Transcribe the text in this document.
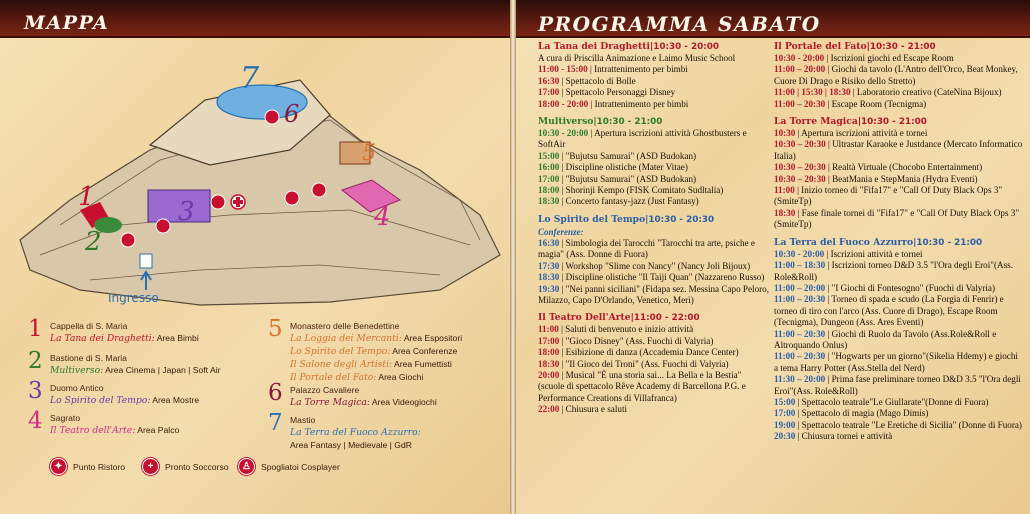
MAPPA
7
6
5
4
3
1
2
Ingresso
1 Cappella di S. Maria
La Tana dei Draghetti: Area Bimbi
2 Bastione di S. Maria
Multiverso: Area Cinema | Japan | Soft Air
3 Duomo Antico
Lo Spirito del Tempo: Area Mostre
4 Sagrato
Il Teatro dell'Arte: Area Palco
5 Monastero delle Benedettine
La Loggia dei Mercanti: Area Espositori
Lo Spirito del Tempo: Area Conferenze
Il Salone degli Artisti: Area Fumettisti
Il Portale del Fato: Area Giochi
6 Palazzo Cavaliere
La Torre Magica: Area Videogiochi
7 Mastio
La Terra del Fuoco Azzurro:
Area Fantasy | Medievale | GdR
✦	Punto Ristoro	+	Pronto Soccorso	♙	Spogliatoi Cosplayer
PROGRAMMA SABATO
La Tana dei Draghetti|10:30 - 20:00
A cura di Priscilla Animazione e Laimo Music School
11:00 - 15:00 | Intrattenimento per bimbi
16:30 | Spettacolo di Bolle
17:00 | Spettacolo Personaggi Disney
18:00 - 20:00 | Intrattenimento per bimbi
Multiverso|10:30 - 21:00
10:30 - 20:00 | Apertura iscrizioni attività Ghostbusters e SoftAir
15:00 | "Bujutsu Samurai" (ASD Budokan)
16:00 | Discipline olistiche (Mater Vitae)
17:00 | "Bujutsu Samurai" (ASD Budokan)
18:00 | Shorinji Kempo (FISK Comitato Sudltalia)
18:30 | Concerto fantasy-jazz (Just Fantasy)
Lo Spirito del Tempo|10:30 - 20:30
Conferenze:
16:30 | Simbologia dei Tarocchi "Tarocchi tra arte, psiche e magia" (Ass. Donne di Fuora)
17:30 | Workshop "Slime con Nancy" (Nancy Joli Bijoux)
18:30 | Discipline olistiche "Il Taiji Quan" (Nazzareno Russo)
19:30 | "Nei panni siciliani" (Fidapa sez. Messina Capo Peloro, Milazzo, Capo D'Orlando, Venetico, Merì)
Il Teatro Dell'Arte|11:00 - 22:00
11:00 | Saluti di benvenuto e inizio attività
17:00 | "Gioco Disney" (Ass. Fuochi di Valyria)
18:00 | Esibizione di danza (Accademia Dance Center)
18:30 | "Il Gioco dei Troni" (Ass. Fuochi di Valyria)
20:00 | Musical "È una storia sai... La Bella e la Bestia" (scuole di spettacolo Rêve Academy di Barcellona P.G. e Performance Creations di Villafranca)
22:00 | Chiusura e saluti
Il Portale del Fato|10:30 - 21:00
10:30 - 20:00 | Iscrizioni giochi ed Escape Room
11:00 – 20:00 | Giochi da tavolo (L'Antro dell'Orco, Beat Monkey, Cuore Di Drago e Risiko dello Stretto)
11:00 | 15:30 | 18:30 | Laboratorio creativo (CateNina Bijoux)
11:00 – 20:30 | Escape Room (Tecnigma)
La Torre Magica|10:30 - 21:00
10:30 | Apertura iscrizioni attività e tornei
10:30 – 20:30 | Ultrastar Karaoke e Justdance (Mercato Informatico Italia)
10:30 – 20:30 | Realtà Virtuale (Chocobo Entertainment)
10:30 – 20:30 | BeatMania e StepMania (Hydra Eventi)
11:00 | Inizio torneo di "Fifa17" e "Call Of Duty Black Ops 3" (SmiteTp)
18:30 | Fase finale tornei di "Fifa17" e "Call Of Duty Black Ops 3" (SmiteTp)
La Terra del Fuoco Azzurro|10:30 - 21:00
10:30 - 20:00 | Iscrizioni attività e tornei
11:00 – 18:30 | Iscrizioni torneo D&D 3.5 "l'Ora degli Eroi"(Ass. Role&Roll)
11:00 – 20:00 | "I Giochi di Fontesogno" (Fuochi di Valyria)
11:00 – 20:30 | Torneo di spada e scudo (La Forgia di Fenrir) e torneo di tiro con l'arco (Ass. Cuore di Drago), Escape Room (Tecnigma), Dungeon (Ass. Ares Eventi)
11:00 – 20:30 | Giochi di Ruolo da Tavolo (Ass.Role&Roll e Altroquando Onlus)
11:00 – 20:30 | "Hogwarts per un giorno"(Sikelia Hdemy) e giochi a tema Harry Potter (Ass.Stella del Nerd)
11:30 – 20:00 | Prima fase preliminare torneo D&D 3.5 "l'Ora degli Eroi"(Ass. Role&Roll)
15:00 | Spettacolo teatrale"Le Giullarate"(Donne di Fuora)
17:00 | Spettacolo di magia (Mago Dimis)
19:00 | Spettacolo teatrale "Le Eretiche di Sicilia" (Donne di Fuora)
20:30 | Chiusura tornei e attività
